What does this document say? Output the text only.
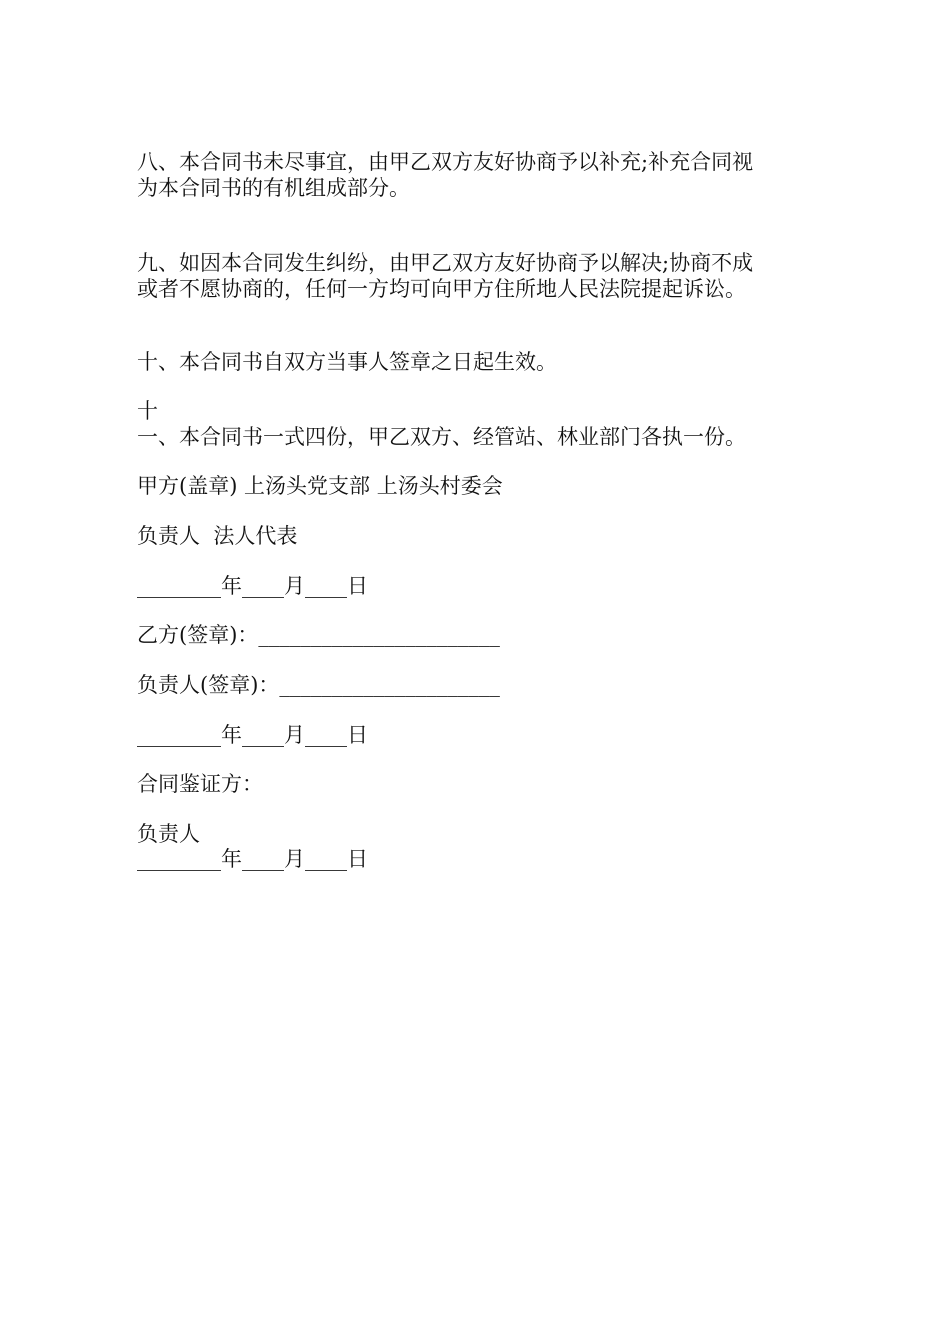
八、本合同书未尽事宜，由甲乙双方友好协商予以补充;补充合同视

为本合同书的有机组成部分。

九、如因本合同发生纠纷，由甲乙双方友好协商予以解决;协商不成

或者不愿协商的，任何一方均可向甲方住所地人民法院提起诉讼。

十、本合同书自双方当事人签章之日起生效。

十

一、本合同书一式四份，甲乙双方、经管站、林业部门各执一份。

甲方(盖章) 上汤头党支部 上汤头村委会

负责人  法人代表

________年____月____日

乙方(签章)：_______________________

负责人(签章)：_____________________

________年____月____日

合同鉴证方：

负责人

________年____月____日
